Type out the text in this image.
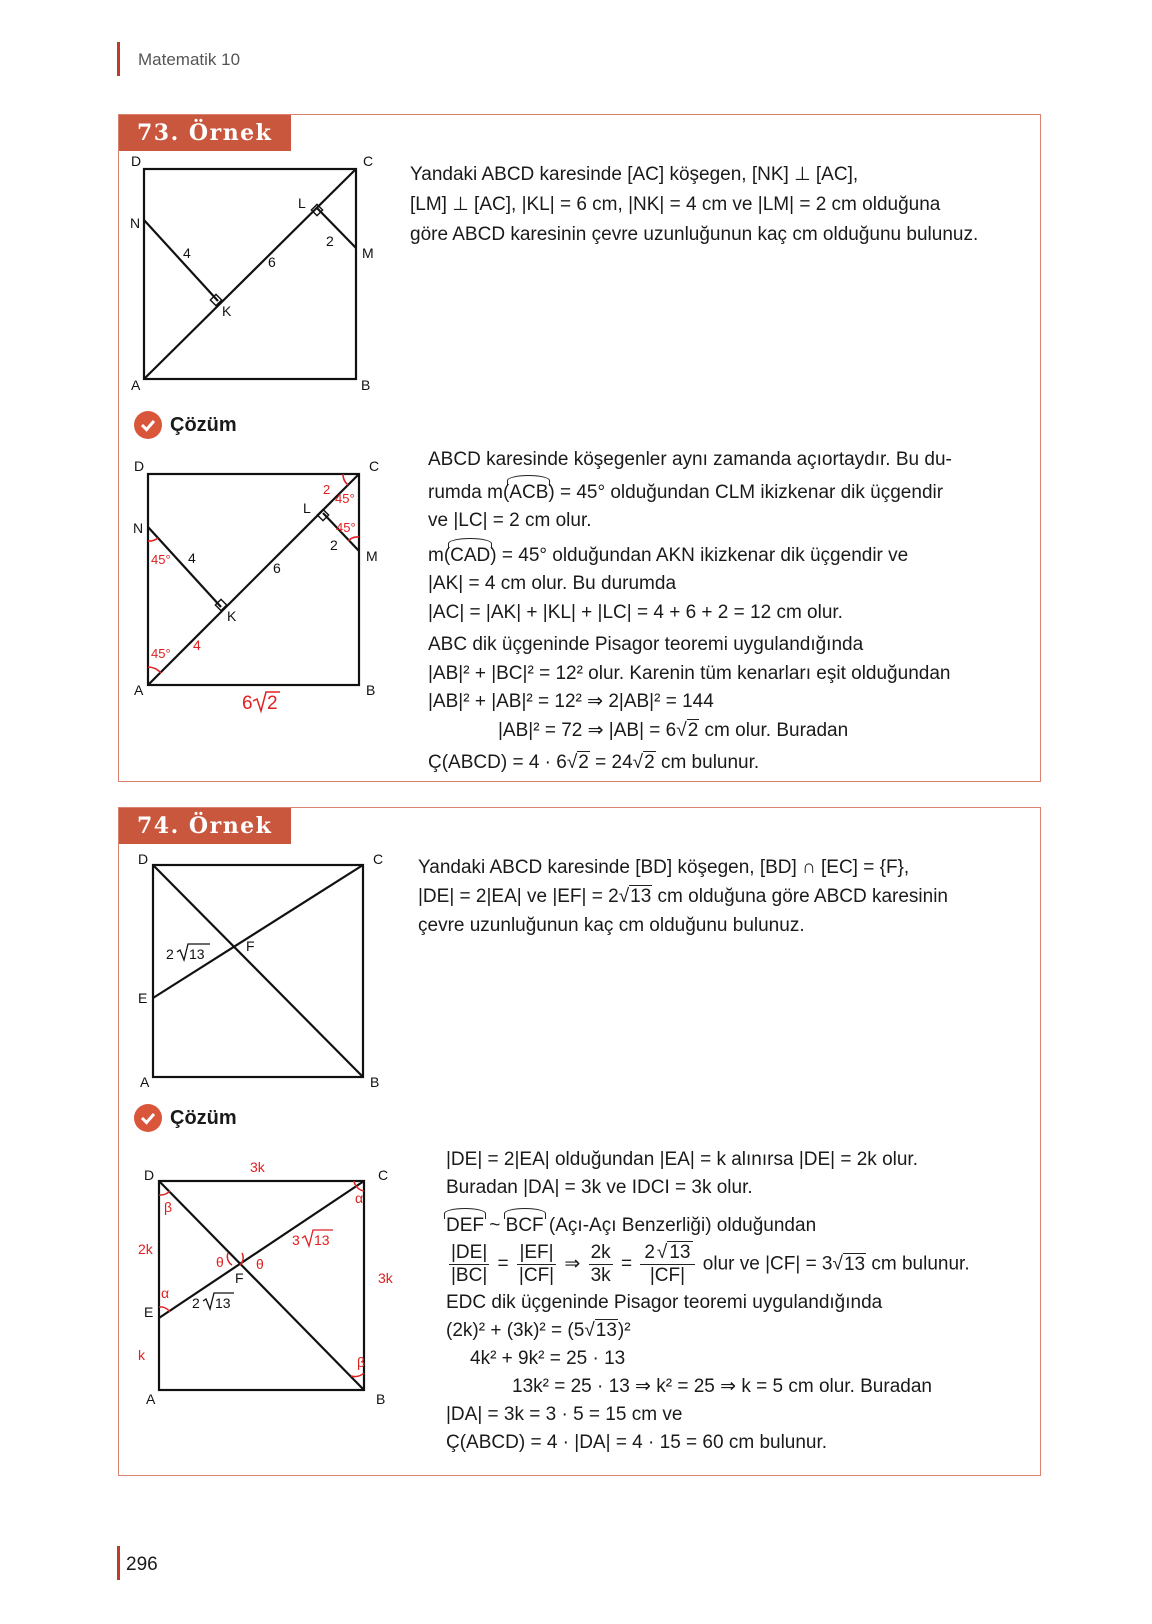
Matematik 10
73. Örnek
D	C
A	B
N
L
M
K
4
6
2

Yandaki ABCD karesinde [AC] köşegen, [NK] ⊥ [AC],

[LM] ⊥ [AC], |KL| = 6 cm, |NK| = 4 cm ve |LM| = 2 cm olduğuna

göre ABCD karesinin çevre uzunluğunun kaç cm olduğunu bulunuz.

Çözüm
D	C
A	B
N
L
M
K
4
6
2
2
45°
45°
45°
45°
4
6 2

ABCD karesinde köşegenler aynı zamanda açıortaydır. Bu du-

rumda m(ACB) = 45° olduğundan CLM ikizkenar dik üçgendir

ve |LC| = 2 cm olur.

m(CAD) = 45° olduğundan AKN ikizkenar dik üçgendir ve

|AK| = 4 cm olur. Bu durumda

|AC| = |AK| + |KL| + |LC| = 4 + 6 + 2 = 12 cm olur.

ABC dik üçgeninde Pisagor teoremi uygulandığında

|AB|² + |BC|² = 12² olur. Karenin tüm kenarları eşit olduğundan

|AB|² + |AB|² = 12² ⇒ 2|AB|² = 144

|AB|² = 72 ⇒ |AB| = 6√2 cm olur. Buradan

Ç(ABCD) = 4 · 6√2 = 24√2 cm bulunur.

74. Örnek
D	C
A	B
E
F
2 13

Yandaki ABCD karesinde [BD] köşegen, [BD] ∩ [EC] = {F},

|DE| = 2|EA| ve |EF| = 2√13 cm olduğuna göre ABCD karesinin

çevre uzunluğunun kaç cm olduğunu bulunuz.

Çözüm
D	C
A	B
E
F
2 13
3k
3k
2k
k
3 13
θ θ
β
α
α
β

|DE| = 2|EA| olduğundan |EA| = k alınırsa |DE| = 2k olur.

Buradan |DA| = 3k ve IDCI = 3k olur.

DEF ~ BCF (Açı-Açı Benzerliği) olduğundan

$\frac{|DE|}{|BC|} = \frac{|EF|}{|CF|}$ ⇒ $\frac{2k}{3k} = \frac{2 √ 13}{|CF|}$ olur ve |CF| = 3√13 cm bulunur.

EDC dik üçgeninde Pisagor teoremi uygulandığında

(2k)² + (3k)² = (5√13)²

4k² + 9k² = 25 · 13

13k² = 25 · 13 ⇒ k² = 25 ⇒ k = 5 cm olur. Buradan

|DA| = 3k = 3 · 5 = 15 cm ve

Ç(ABCD) = 4 · |DA| = 4 · 15 = 60 cm bulunur.

296
